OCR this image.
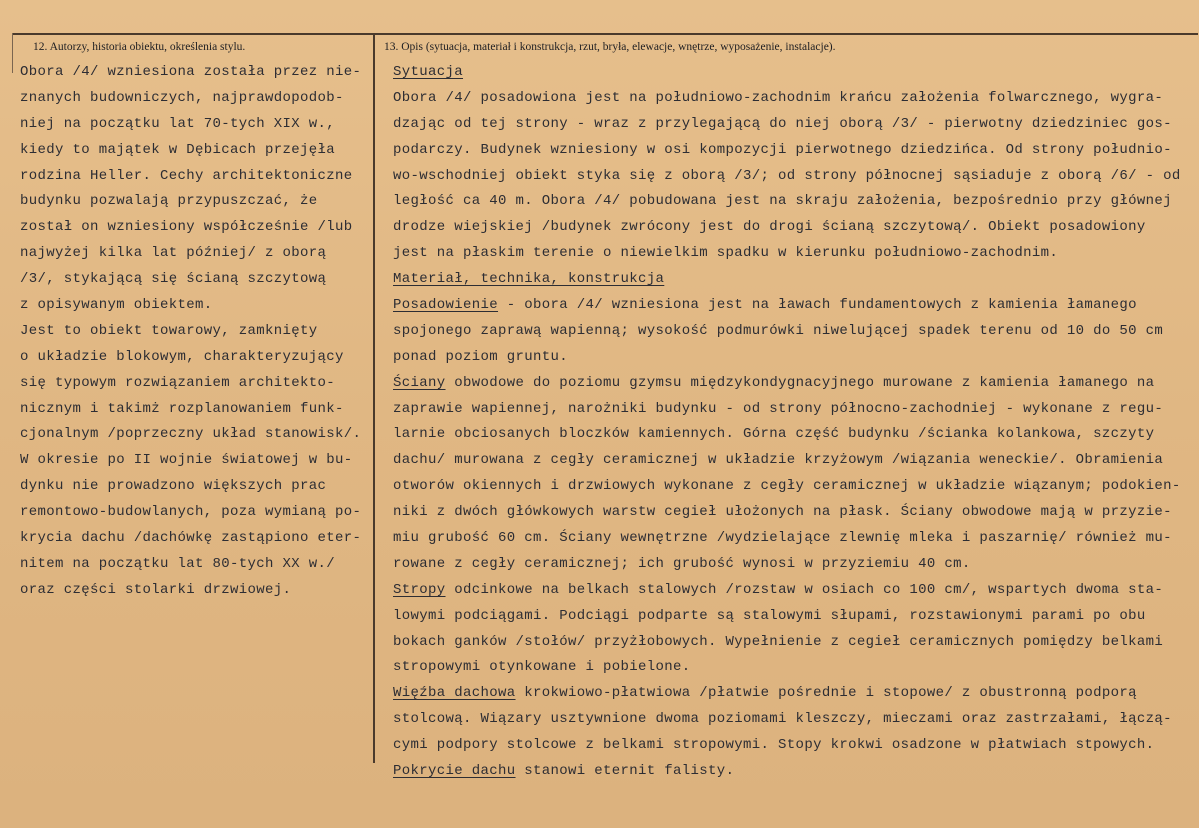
12. Autorzy, historia obiektu, określenia stylu.	13. Opis (sytuacja, materiał i konstrukcja, rzut, bryła, elewacje, wnętrze, wyposażenie, instalacje).
Obora /4/ wzniesiona została przez nie-
znanych budowniczych, najprawdopodob-
niej na początku lat 70-tych XIX w.,
kiedy to majątek w Dębicach przejęła
rodzina Heller. Cechy architektoniczne
budynku pozwalają przypuszczać, że
został on wzniesiony współcześnie /lub
najwyżej kilka lat później/ z oborą
/3/, stykającą się ścianą szczytową
z opisywanym obiektem.
Jest to obiekt towarowy, zamknięty
o układzie blokowym, charakteryzujący
się typowym rozwiązaniem architekto-
nicznym i takimż rozplanowaniem funk-
cjonalnym /poprzeczny układ stanowisk/.
W okresie po II wojnie światowej w bu-
dynku nie prowadzono większych prac
remontowo-budowlanych, poza wymianą po-
krycia dachu /dachówkę zastąpiono eter-
nitem na początku lat 80-tych XX w./
oraz części stolarki drzwiowej.
Sytuacja
Obora /4/ posadowiona jest na południowo-zachodnim krańcu założenia folwarcznego, wygra-
dzając od tej strony - wraz z przylegającą do niej oborą /3/ - pierwotny dziedziniec gos-
podarczy. Budynek wzniesiony w osi kompozycji pierwotnego dziedzińca. Od strony południo-
wo-wschodniej obiekt styka się z oborą /3/; od strony północnej sąsiaduje z oborą /6/ - od
ległość ca 40 m. Obora /4/ pobudowana jest na skraju założenia, bezpośrednio przy głównej
drodze wiejskiej /budynek zwrócony jest do drogi ścianą szczytową/. Obiekt posadowiony
jest na płaskim terenie o niewielkim spadku w kierunku południowo-zachodnim.
Materiał, technika, konstrukcja
Posadowienie - obora /4/ wzniesiona jest na ławach fundamentowych z kamienia łamanego
spojonego zaprawą wapienną; wysokość podmurówki niwelującej spadek terenu od 10 do 50 cm
ponad poziom gruntu.
Ściany obwodowe do poziomu gzymsu międzykondygnacyjnego murowane z kamienia łamanego na
zaprawie wapiennej, narożniki budynku - od strony północno-zachodniej - wykonane z regu-
larnie obciosanych bloczków kamiennych. Górna część budynku /ścianka kolankowa, szczyty
dachu/ murowana z cegły ceramicznej w układzie krzyżowym /wiązania weneckie/. Obramienia
otworów okiennych i drzwiowych wykonane z cegły ceramicznej w układzie wiązanym; podokien-
niki z dwóch główkowych warstw cegieł ułożonych na płask. Ściany obwodowe mają w przyzie-
miu grubość 60 cm. Ściany wewnętrzne /wydzielające zlewnię mleka i paszarnię/ również mu-
rowane z cegły ceramicznej; ich grubość wynosi w przyziemiu 40 cm.
Stropy odcinkowe na belkach stalowych /rozstaw w osiach co 100 cm/, wspartych dwoma sta-
lowymi podciągami. Podciągi podparte są stalowymi słupami, rozstawionymi parami po obu
bokach ganków /stołów/ przyżłobowych. Wypełnienie z cegieł ceramicznych pomiędzy belkami
stropowymi otynkowane i pobielone.
Więźba dachowa krokwiowo-płatwiowa /płatwie pośrednie i stopowe/ z obustronną podporą
stolcową. Wiązary usztywnione dwoma poziomami kleszczy, mieczami oraz zastrzałami, łączą-
cymi podpory stolcowe z belkami stropowymi. Stopy krokwi osadzone w płatwiach stpowych.
Pokrycie dachu stanowi eternit falisty.
